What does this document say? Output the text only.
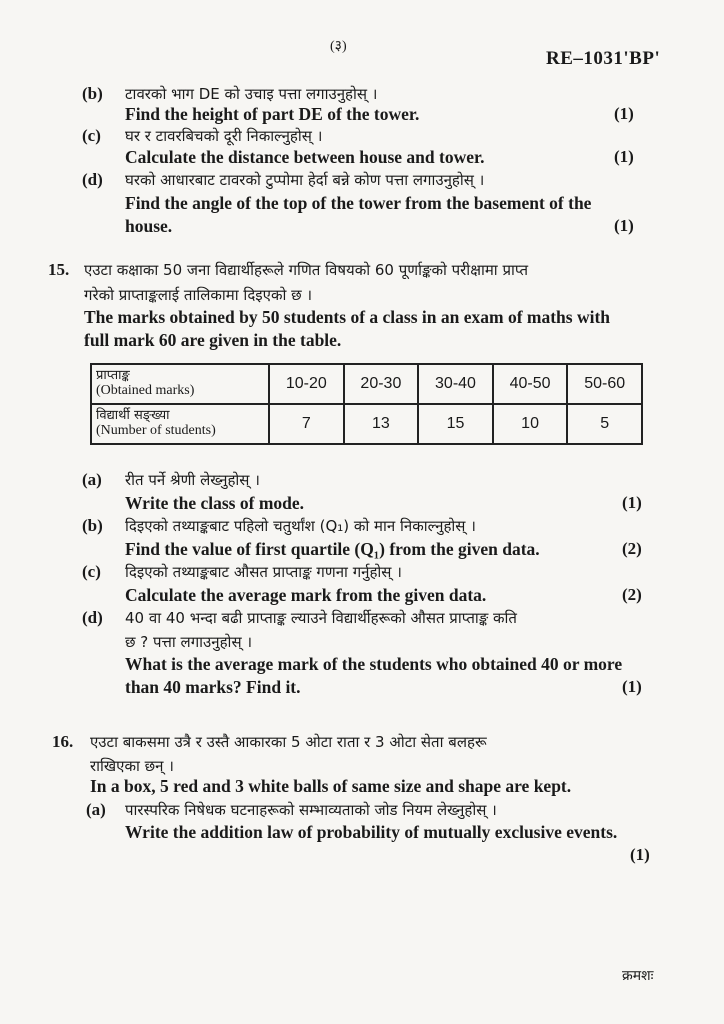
(३)
RE–1031'BP'
(b) टावरको भाग DE को उचाइ पत्ता लगाउनुहोस् ।
Find the height of part DE of the tower.	(1)
(c) घर र टावरबिचको दूरी निकाल्नुहोस् ।
Calculate the distance between house and tower.	(1)
(d) घरको आधारबाट टावरको टुप्पोमा हेर्दा बन्ने कोण पत्ता लगाउनुहोस् ।
Find the angle of the top of the tower from the basement of the
house.	(1)
15. एउटा कक्षाका 50 जना विद्यार्थीहरूले गणित विषयको 60 पूर्णाङ्कको परीक्षामा प्राप्त
गरेको प्राप्ताङ्कलाई तालिकामा दिइएको छ ।
The marks obtained by 50 students of a class in an exam of maths with
full mark 60 are given in the table.
प्राप्ताङ्क
(Obtained marks)	10-20	20-30	30-40	40-50	50-60

विद्यार्थी सङ्ख्या
(Number of students)	7	13	15	10	5
(a) रीत पर्ने श्रेणी लेख्नुहोस् ।
Write the class of mode.	(1)
(b) दिइएको तथ्याङ्कबाट पहिलो चतुर्थांश (Q₁) को मान निकाल्नुहोस् ।
Find the value of first quartile (Q₁) from the given data.	(2)
(c) दिइएको तथ्याङ्कबाट औसत प्राप्ताङ्क गणना गर्नुहोस् ।
Calculate the average mark from the given data.	(2)
(d) 40 वा 40 भन्दा बढी प्राप्ताङ्क ल्याउने विद्यार्थीहरूको औसत प्राप्ताङ्क कति
छ ? पत्ता लगाउनुहोस् ।
What is the average mark of the students who obtained 40 or more
than 40 marks? Find it.	(1)
16. एउटा बाकसमा उत्रै र उस्तै आकारका 5 ओटा राता र 3 ओटा सेता बलहरू
राखिएका छन् ।
In a box, 5 red and 3 white balls of same size and shape are kept.
(a) पारस्परिक निषेधक घटनाहरूको सम्भाव्यताको जोड नियम लेख्नुहोस् ।
Write the addition law of probability of mutually exclusive events.
(1)
क्रमशः
